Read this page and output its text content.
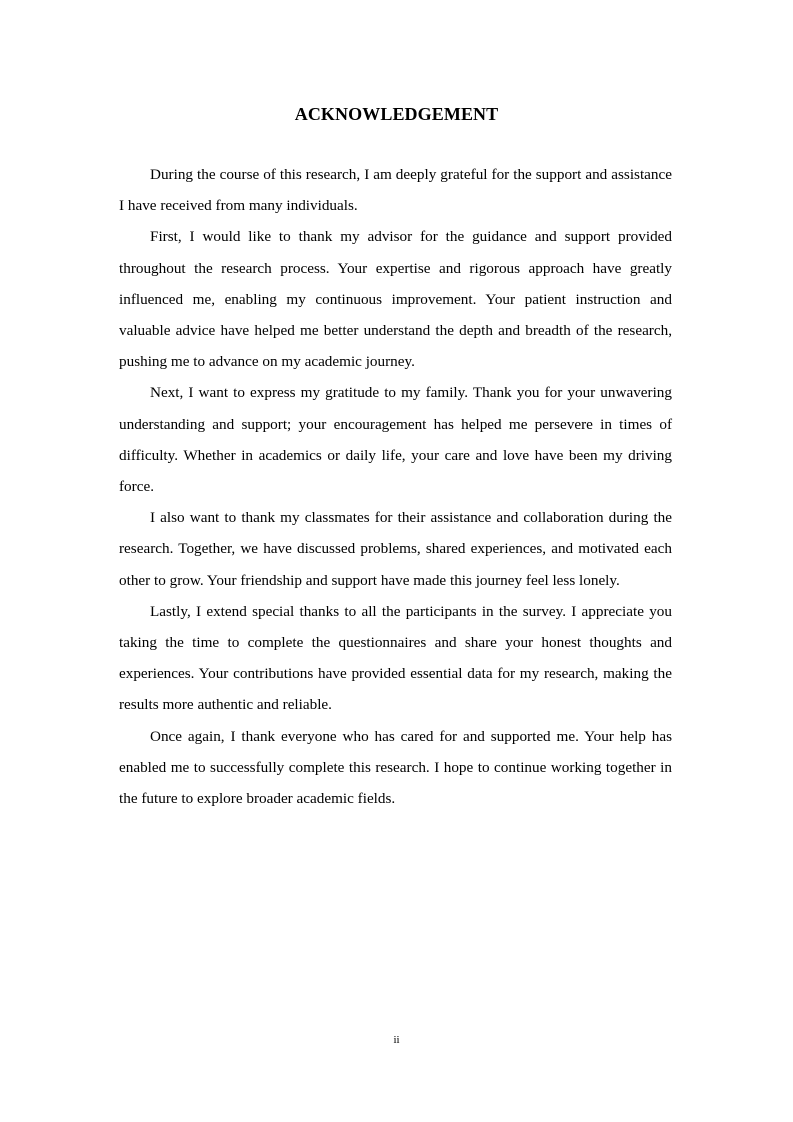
ACKNOWLEDGEMENT

During the course of this research, I am deeply grateful for the support and assistance I have received from many individuals.

First, I would like to thank my advisor for the guidance and support provided throughout the research process. Your expertise and rigorous approach have greatly influenced me, enabling my continuous improvement. Your patient instruction and valuable advice have helped me better understand the depth and breadth of the research, pushing me to advance on my academic journey.

Next, I want to express my gratitude to my family. Thank you for your unwavering understanding and support; your encouragement has helped me persevere in times of difficulty. Whether in academics or daily life, your care and love have been my driving force.

I also want to thank my classmates for their assistance and collaboration during the research. Together, we have discussed problems, shared experiences, and motivated each other to grow. Your friendship and support have made this journey feel less lonely.

Lastly, I extend special thanks to all the participants in the survey. I appreciate you taking the time to complete the questionnaires and share your honest thoughts and experiences. Your contributions have provided essential data for my research, making the results more authentic and reliable.

Once again, I thank everyone who has cared for and supported me. Your help has enabled me to successfully complete this research. I hope to continue working together in the future to explore broader academic fields.

ii
